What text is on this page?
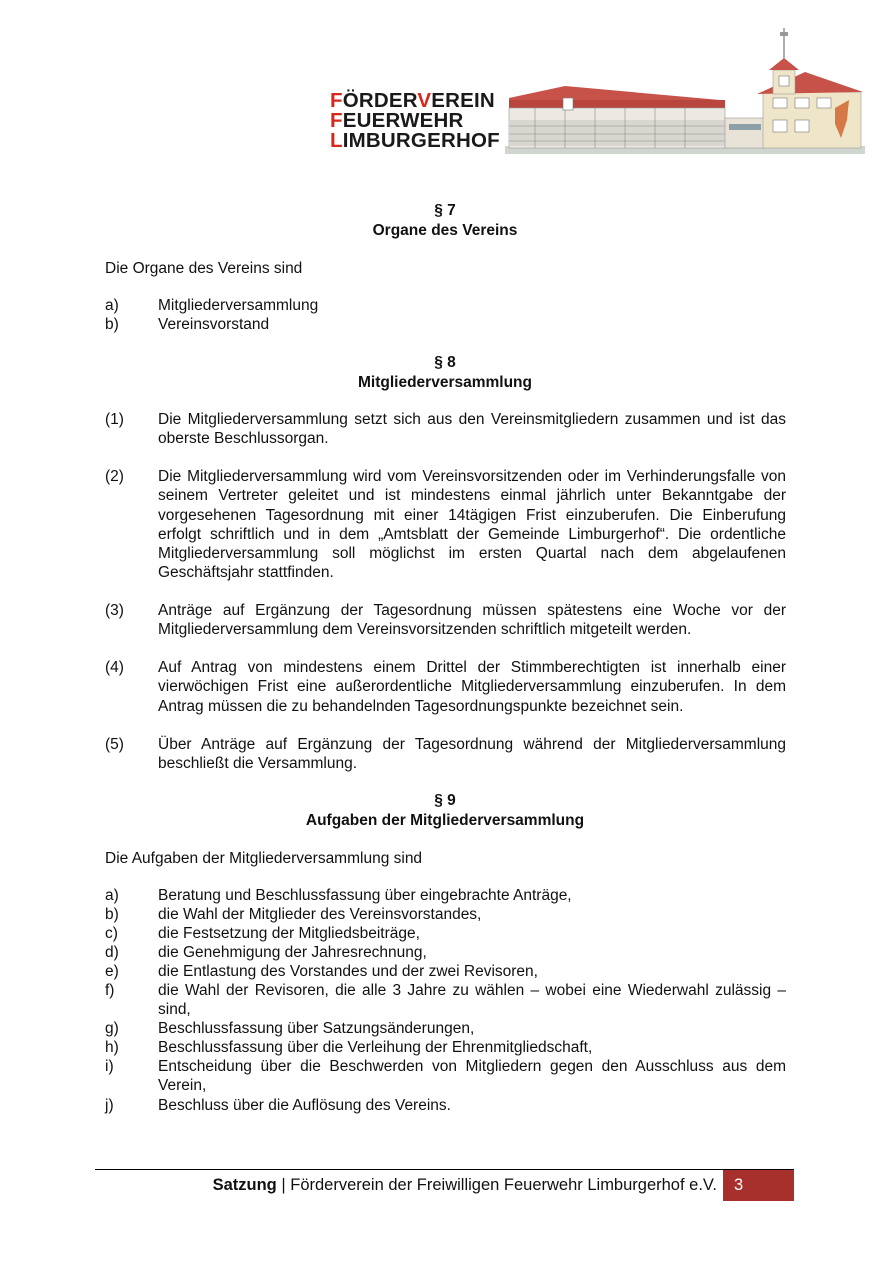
FÖRDERVEREIN
FEUERWEHR
LIMBURGERHOF
§ 7
Organe des Vereins
Die Organe des Vereins sind
a)	Mitgliederversammlung
b)	Vereinsvorstand
§ 8
Mitgliederversammlung
(1) Die Mitgliederversammlung setzt sich aus den Vereinsmitgliedern zusammen und ist das oberste Beschlussorgan.
(2) Die Mitgliederversammlung wird vom Vereinsvorsitzenden oder im Verhinderungsfalle von seinem Vertreter geleitet und ist mindestens einmal jährlich unter Bekanntgabe der vorgesehenen Tagesordnung mit einer 14tägigen Frist einzuberufen. Die Einberufung erfolgt schriftlich und in dem „Amtsblatt der Gemeinde Limburgerhof“. Die ordentliche Mitgliederversammlung soll möglichst im ersten Quartal nach dem abgelaufenen Geschäftsjahr stattfinden.
(3) Anträge auf Ergänzung der Tagesordnung müssen spätestens eine Woche vor der Mitgliederversammlung dem Vereinsvorsitzenden schriftlich mitgeteilt werden.
(4) Auf Antrag von mindestens einem Drittel der Stimmberechtigten ist innerhalb einer vierwöchigen Frist eine außerordentliche Mitgliederversammlung einzuberufen. In dem Antrag müssen die zu behandelnden Tagesordnungspunkte bezeichnet sein.
(5) Über Anträge auf Ergänzung der Tagesordnung während der Mitgliederversammlung beschließt die Versammlung.
§ 9
Aufgaben der Mitgliederversammlung
Die Aufgaben der Mitgliederversammlung sind
a)	Beratung und Beschlussfassung über eingebrachte Anträge,
b)	die Wahl der Mitglieder des Vereinsvorstandes,
c)	die Festsetzung der Mitgliedsbeiträge,
d)	die Genehmigung der Jahresrechnung,
e)	die Entlastung des Vorstandes und der zwei Revisoren,
f)	die Wahl der Revisoren, die alle 3 Jahre zu wählen – wobei eine Wiederwahl zulässig – sind,
g)	Beschlussfassung über Satzungsänderungen,
h)	Beschlussfassung über die Verleihung der Ehrenmitgliedschaft,
i)	Entscheidung über die Beschwerden von Mitgliedern gegen den Ausschluss aus dem Verein,
j)	Beschluss über die Auflösung des Vereins.
Satzung | Förderverein der Freiwilligen Feuerwehr Limburgerhof e.V.	3
